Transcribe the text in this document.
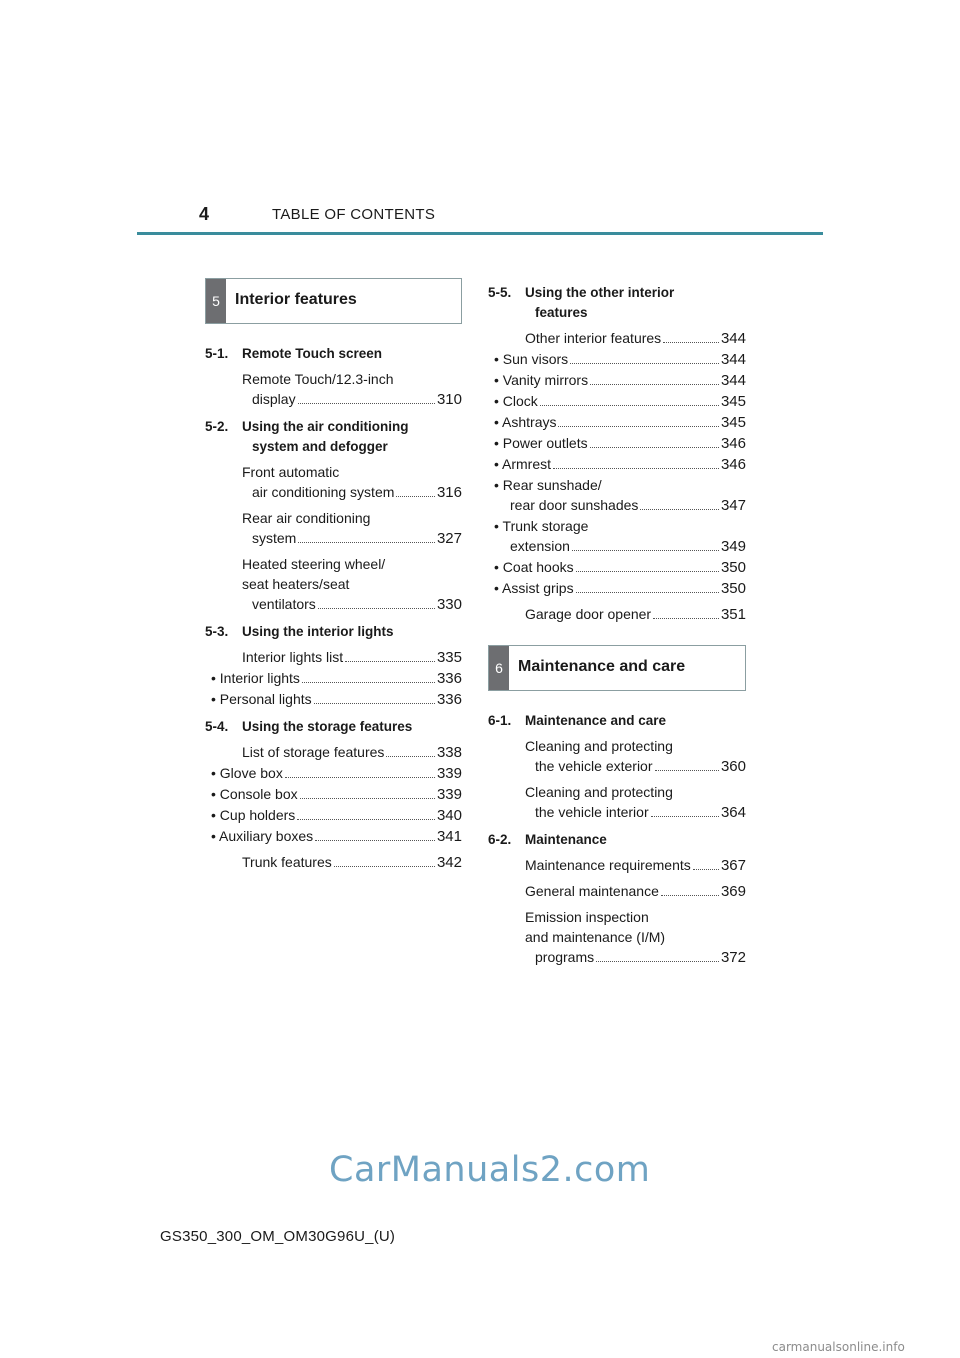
4	TABLE OF CONTENTS
5 Interior features
5-1.	Remote Touch screen
Remote Touch/12.3-inch
display	310
5-2.	Using the air conditioning
system and defogger
Front automatic
air conditioning system	316
Rear air conditioning
system	327
Heated steering wheel/
seat heaters/seat
ventilators	330
5-3.	Using the interior lights
Interior lights list	335
• Interior lights	336
• Personal lights	336
5-4.	Using the storage features
List of storage features	338
• Glove box	339
• Console box	339
• Cup holders	340
• Auxiliary boxes	341
Trunk features	342
5-5.	Using the other interior
features
Other interior features	344
• Sun visors	344
• Vanity mirrors	344
• Clock	345
• Ashtrays	345
• Power outlets	346
• Armrest	346
• Rear sunshade/
rear door sunshades	347
• Trunk storage
extension	349
• Coat hooks	350
• Assist grips	350
Garage door opener	351
6 Maintenance and care
6-1.	Maintenance and care
Cleaning and protecting
the vehicle exterior	360
Cleaning and protecting
the vehicle interior	364
6-2.	Maintenance
Maintenance requirements 367
General maintenance	369
Emission inspection
and maintenance (I/M)
programs	372
CarManuals2.com
GS350_300_OM_OM30G96U_(U)
carmanualsonline.info
